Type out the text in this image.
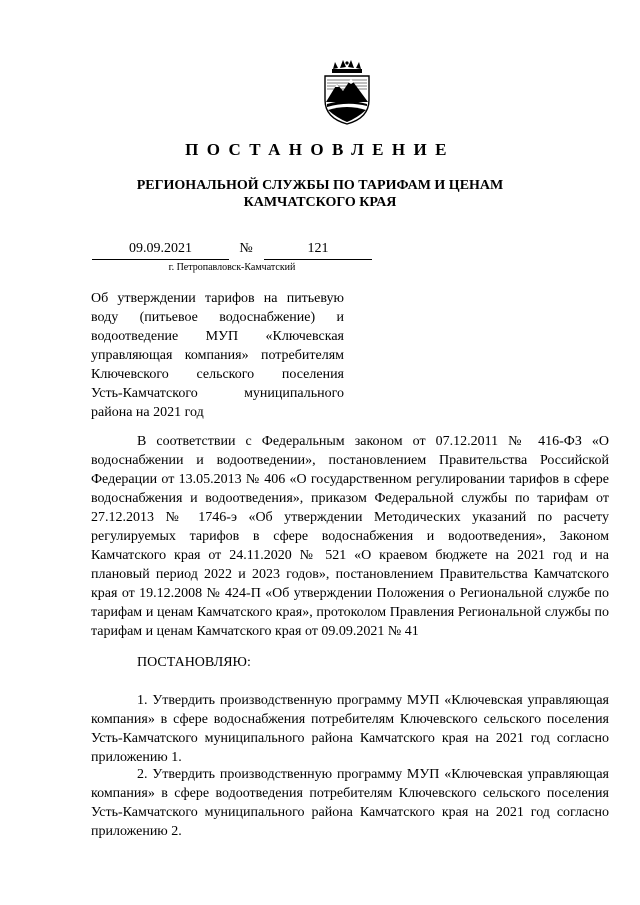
ПОСТАНОВЛЕНИЕ
РЕГИОНАЛЬНОЙ СЛУЖБЫ ПО ТАРИФАМ И ЦЕНАМ
КАМЧАТСКОГО КРАЯ
09.09.2021	№	121
г. Петропавловск-Камчатский
Об утверждении тарифов на питьевую
воду (питьевое водоснабжение) и
водоотведение МУП «Ключевская
управляющая компания» потребителям
Ключевского сельского поселения
Усть-Камчатского муниципального
района на 2021 год
В соответствии с Федеральным законом от 07.12.2011 № 416-ФЗ «О водоснабжении и водоотведении», постановлением Правительства Российской Федерации от 13.05.2013 № 406 «О государственном регулировании тарифов в сфере водоснабжения и водоотведения», приказом Федеральной службы по тарифам от 27.12.2013 № 1746-э «Об утверждении Методических указаний по расчету регулируемых тарифов в сфере водоснабжения и водоотведения», Законом Камчатского края от 24.11.2020 № 521 «О краевом бюджете на 2021 год и на плановый период 2022 и 2023 годов», постановлением Правительства Камчатского края от 19.12.2008 № 424-П «Об утверждении Положения о Региональной службе по тарифам и ценам Камчатского края», протоколом Правления Региональной службы по тарифам и ценам Камчатского края от 09.09.2021 № 41
ПОСТАНОВЛЯЮ:
1. Утвердить производственную программу МУП «Ключевская управляющая компания» в сфере водоснабжения потребителям Ключевского сельского поселения Усть-Камчатского муниципального района Камчатского края на 2021 год согласно приложению 1.
2. Утвердить производственную программу МУП «Ключевская управляющая компания» в сфере водоотведения потребителям Ключевского сельского поселения Усть-Камчатского муниципального района Камчатского края на 2021 год согласно приложению 2.
